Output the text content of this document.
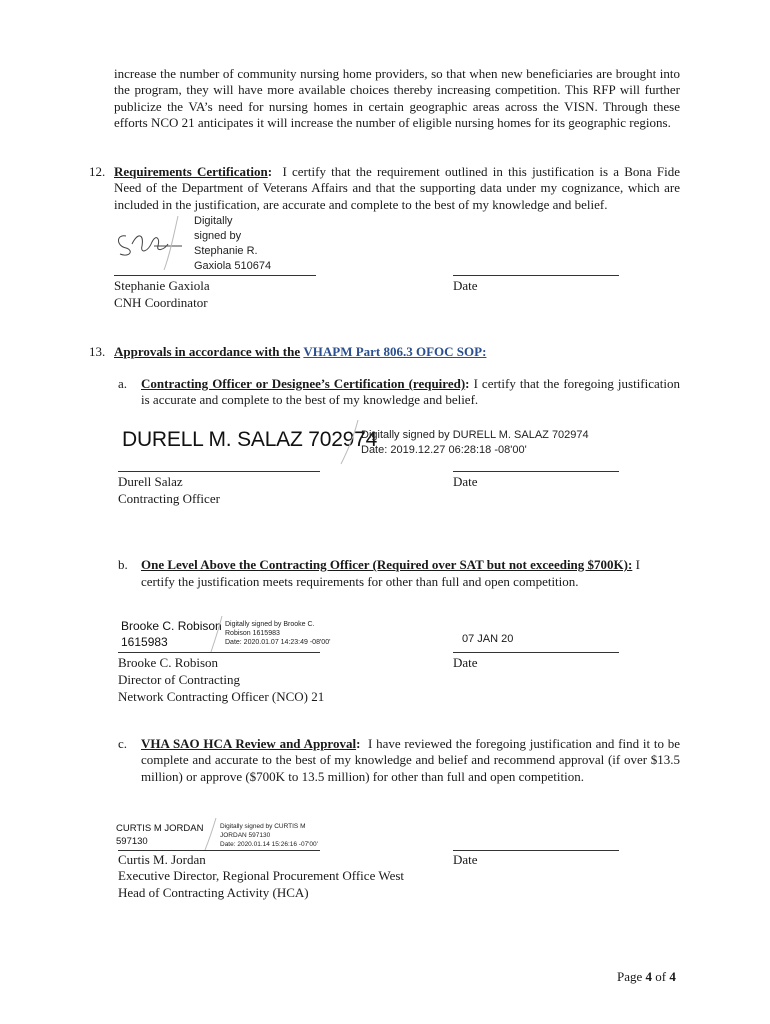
increase the number of community nursing home providers, so that when new beneficiaries are brought into the program, they will have more available choices thereby increasing competition. This RFP will further publicize the VA’s need for nursing homes in certain geographic areas across the VISN. Through these efforts NCO 21 anticipates it will increase the number of eligible nursing homes for its geographic regions.

12. Requirements Certification: I certify that the requirement outlined in this justification is a Bona Fide Need of the Department of Veterans Affairs and that the supporting data under my cognizance, which are included in the justification, are accurate and complete to the best of my knowledge and belief.

Digitally
signed by
Stephanie R.
Gaxiola 510674
Stephanie Gaxiola
CNH Coordinator
Date
13. Approvals in accordance with the VHAPM Part 806.3 OFOC SOP:
a. Contracting Officer or Designee’s Certification (required): I certify that the foregoing justification is accurate and complete to the best of my knowledge and belief.

DURELL M. SALAZ 702974
Digitally signed by DURELL M. SALAZ 702974
Date: 2019.12.27 06:28:18 -08'00'
Durell Salaz
Contracting Officer
Date
b. One Level Above the Contracting Officer (Required over SAT but not exceeding $700K): I
certify the justification meets requirements for other than full and open competition.
Brooke C. Robison
1615983
Digitally signed by Brooke C.
Robison 1615983
Date: 2020.01.07 14:23:49 -08'00'	07 JAN 20
Brooke C. Robison
Director of Contracting
Network Contracting Officer (NCO) 21
Date
c. VHA SAO HCA Review and Approval: I have reviewed the foregoing justification and find it to be complete and accurate to the best of my knowledge and belief and recommend approval (if over $13.5 million) or approve ($700K to 13.5 million) for other than full and open competition.

CURTIS M JORDAN
597130
Digitally signed by CURTIS M
JORDAN 597130
Date: 2020.01.14 15:26:16 -07'00'
Curtis M. Jordan
Executive Director, Regional Procurement Office West
Head of Contracting Activity (HCA)
Date
Page 4 of 4
